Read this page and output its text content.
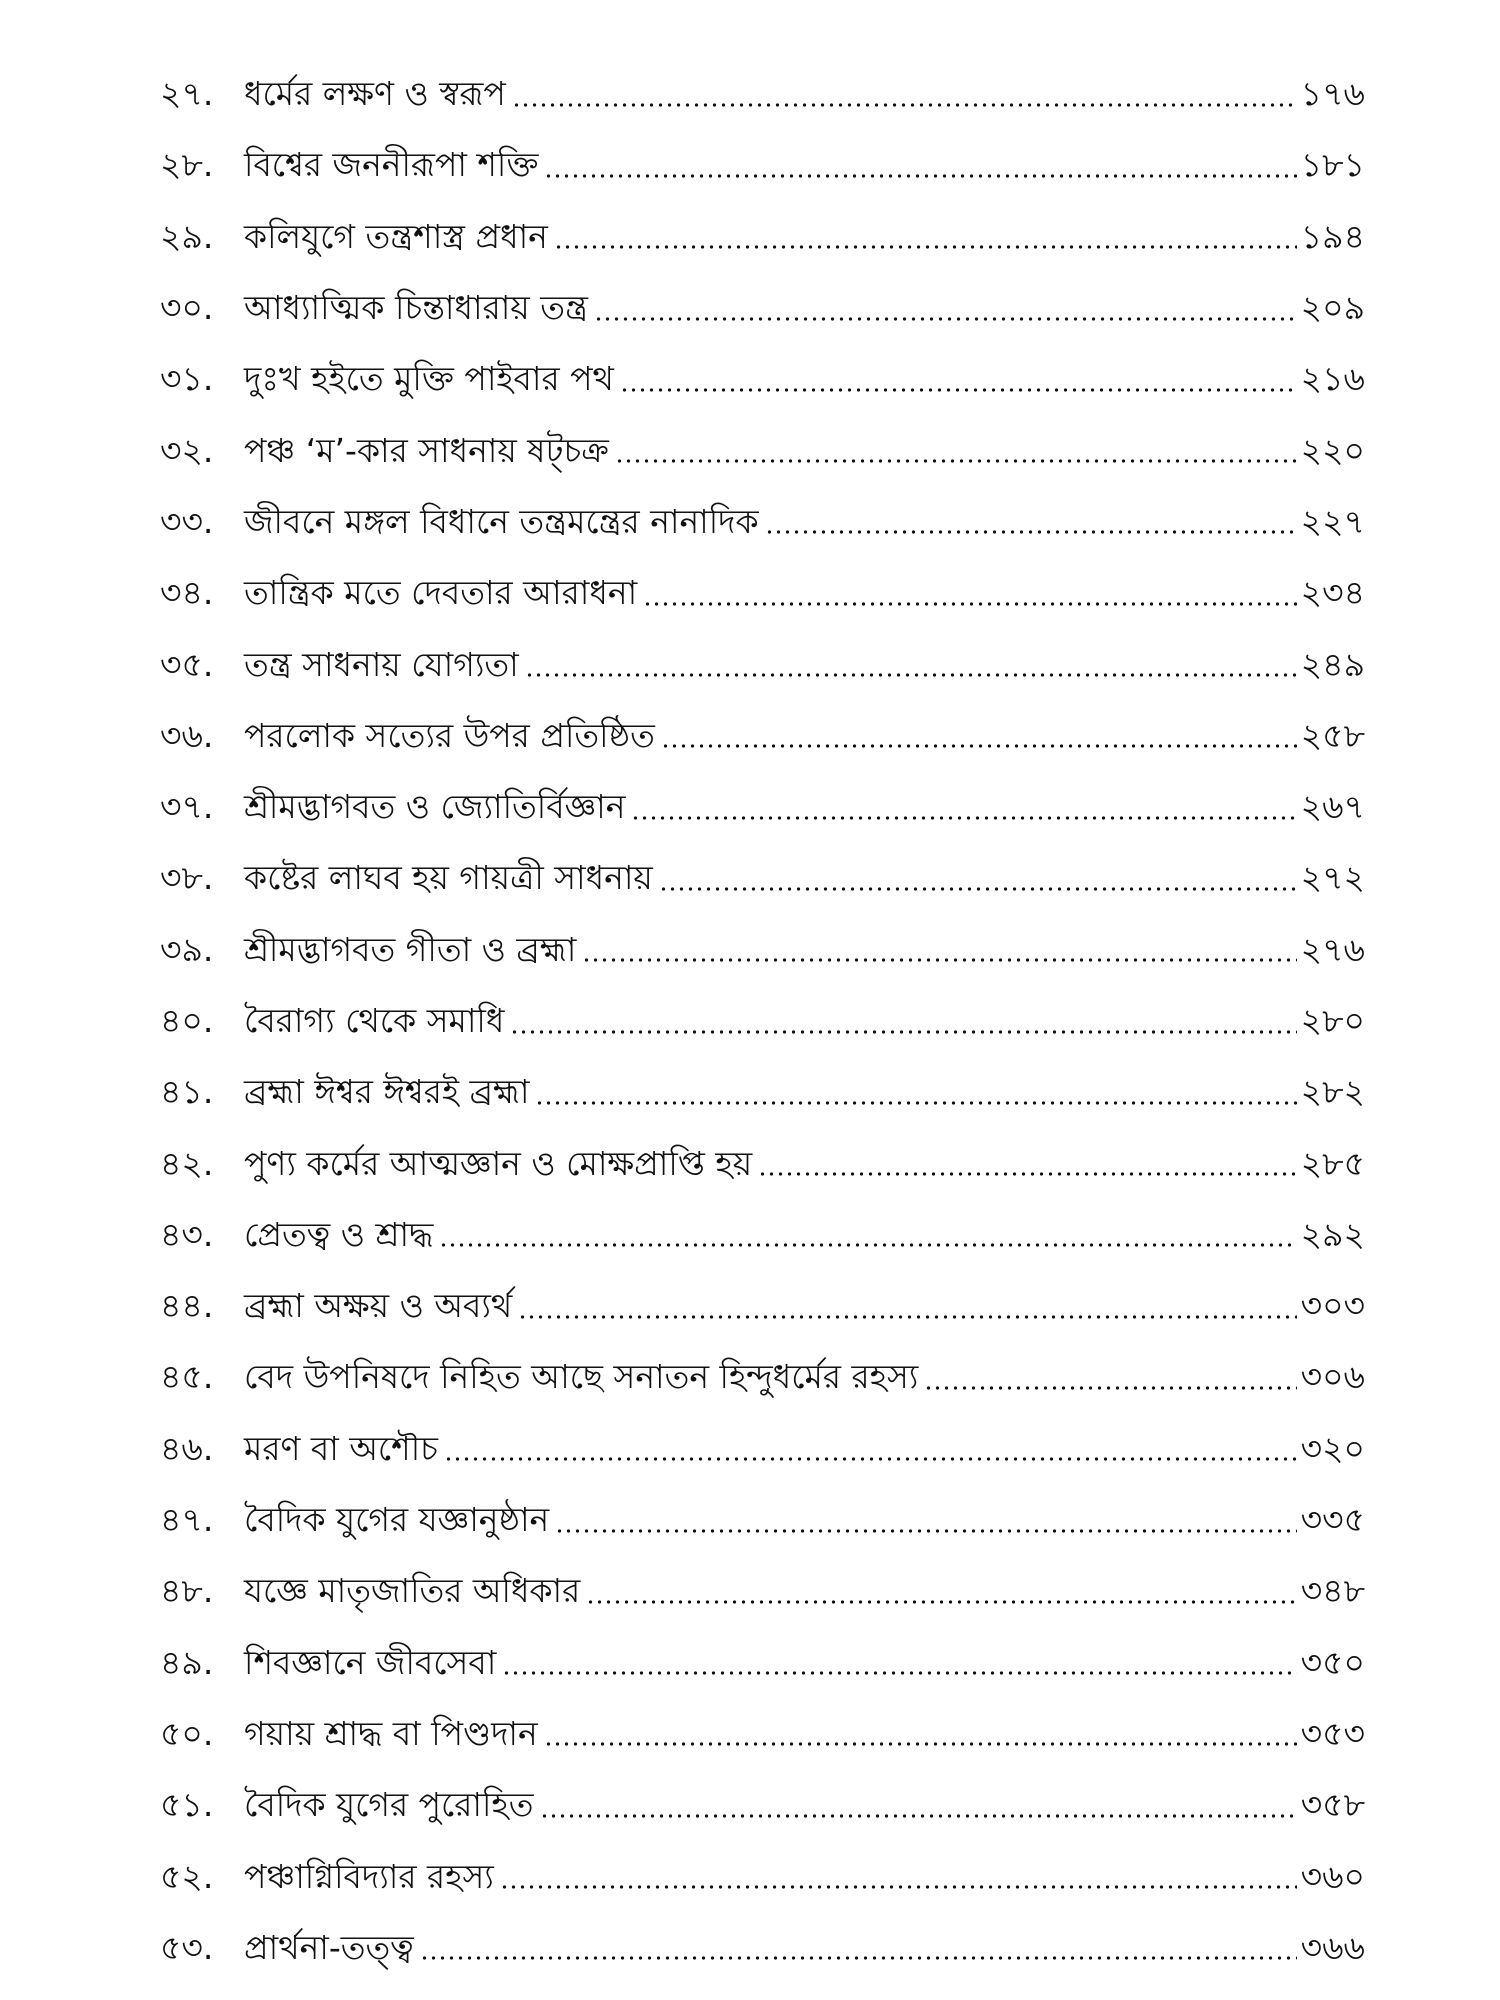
২৭. ধর্মের লক্ষণ ও স্বরূপ	১৭৬
২৮. বিশ্বের জননীরূপা শক্তি	১৮১
২৯. কলিযুগে তন্ত্রশাস্ত্র প্রধান	১৯৪
৩০. আধ্যাত্মিক চিন্তাধারায় তন্ত্র	২০৯
৩১. দুঃখ হইতে মুক্তি পাইবার পথ	২১৬
৩২. পঞ্চ ‘ম’-কার সাধনায় ষট্চক্র	২২০
৩৩. জীবনে মঙ্গল বিধানে তন্ত্রমন্ত্রের নানাদিক	২২৭
৩৪. তান্ত্রিক মতে দেবতার আরাধনা	২৩৪
৩৫. তন্ত্র সাধনায় যোগ্যতা	২৪৯
৩৬. পরলোক সত্যের উপর প্রতিষ্ঠিত	২৫৮
৩৭. শ্রীমদ্ভাগবত ও জ্যোতির্বিজ্ঞান	২৬৭
৩৮. কষ্টের লাঘব হয় গায়ত্রী সাধনায়	২৭২
৩৯. শ্রীমদ্ভাগবত গীতা ও ব্রহ্মা	২৭৬
৪০. বৈরাগ্য থেকে সমাধি	২৮০
৪১. ব্রহ্মা ঈশ্বর ঈশ্বরই ব্রহ্মা	২৮২
৪২. পুণ্য কর্মের আত্মজ্ঞান ও মোক্ষপ্রাপ্তি হয়	২৮৫
৪৩. প্রেতত্ব ও শ্রাদ্ধ	২৯২
৪৪. ব্রহ্মা অক্ষয় ও অব্যর্থ	৩০৩
৪৫. বেদ উপনিষদে নিহিত আছে সনাতন হিন্দুধর্মের রহস্য	৩০৬
৪৬. মরণ বা অশৌচ	৩২০
৪৭. বৈদিক যুগের যজ্ঞানুষ্ঠান	৩৩৫
৪৮. যজ্ঞে মাতৃজাতির অধিকার	৩৪৮
৪৯. শিবজ্ঞানে জীবসেবা	৩৫০
৫০. গয়ায় শ্রাদ্ধ বা পিণ্ডদান	৩৫৩
৫১. বৈদিক যুগের পুরোহিত	৩৫৮
৫২. পঞ্চাগ্নিবিদ্যার রহস্য	৩৬০
৫৩. প্রার্থনা-তত্ত্ব	৩৬৬
